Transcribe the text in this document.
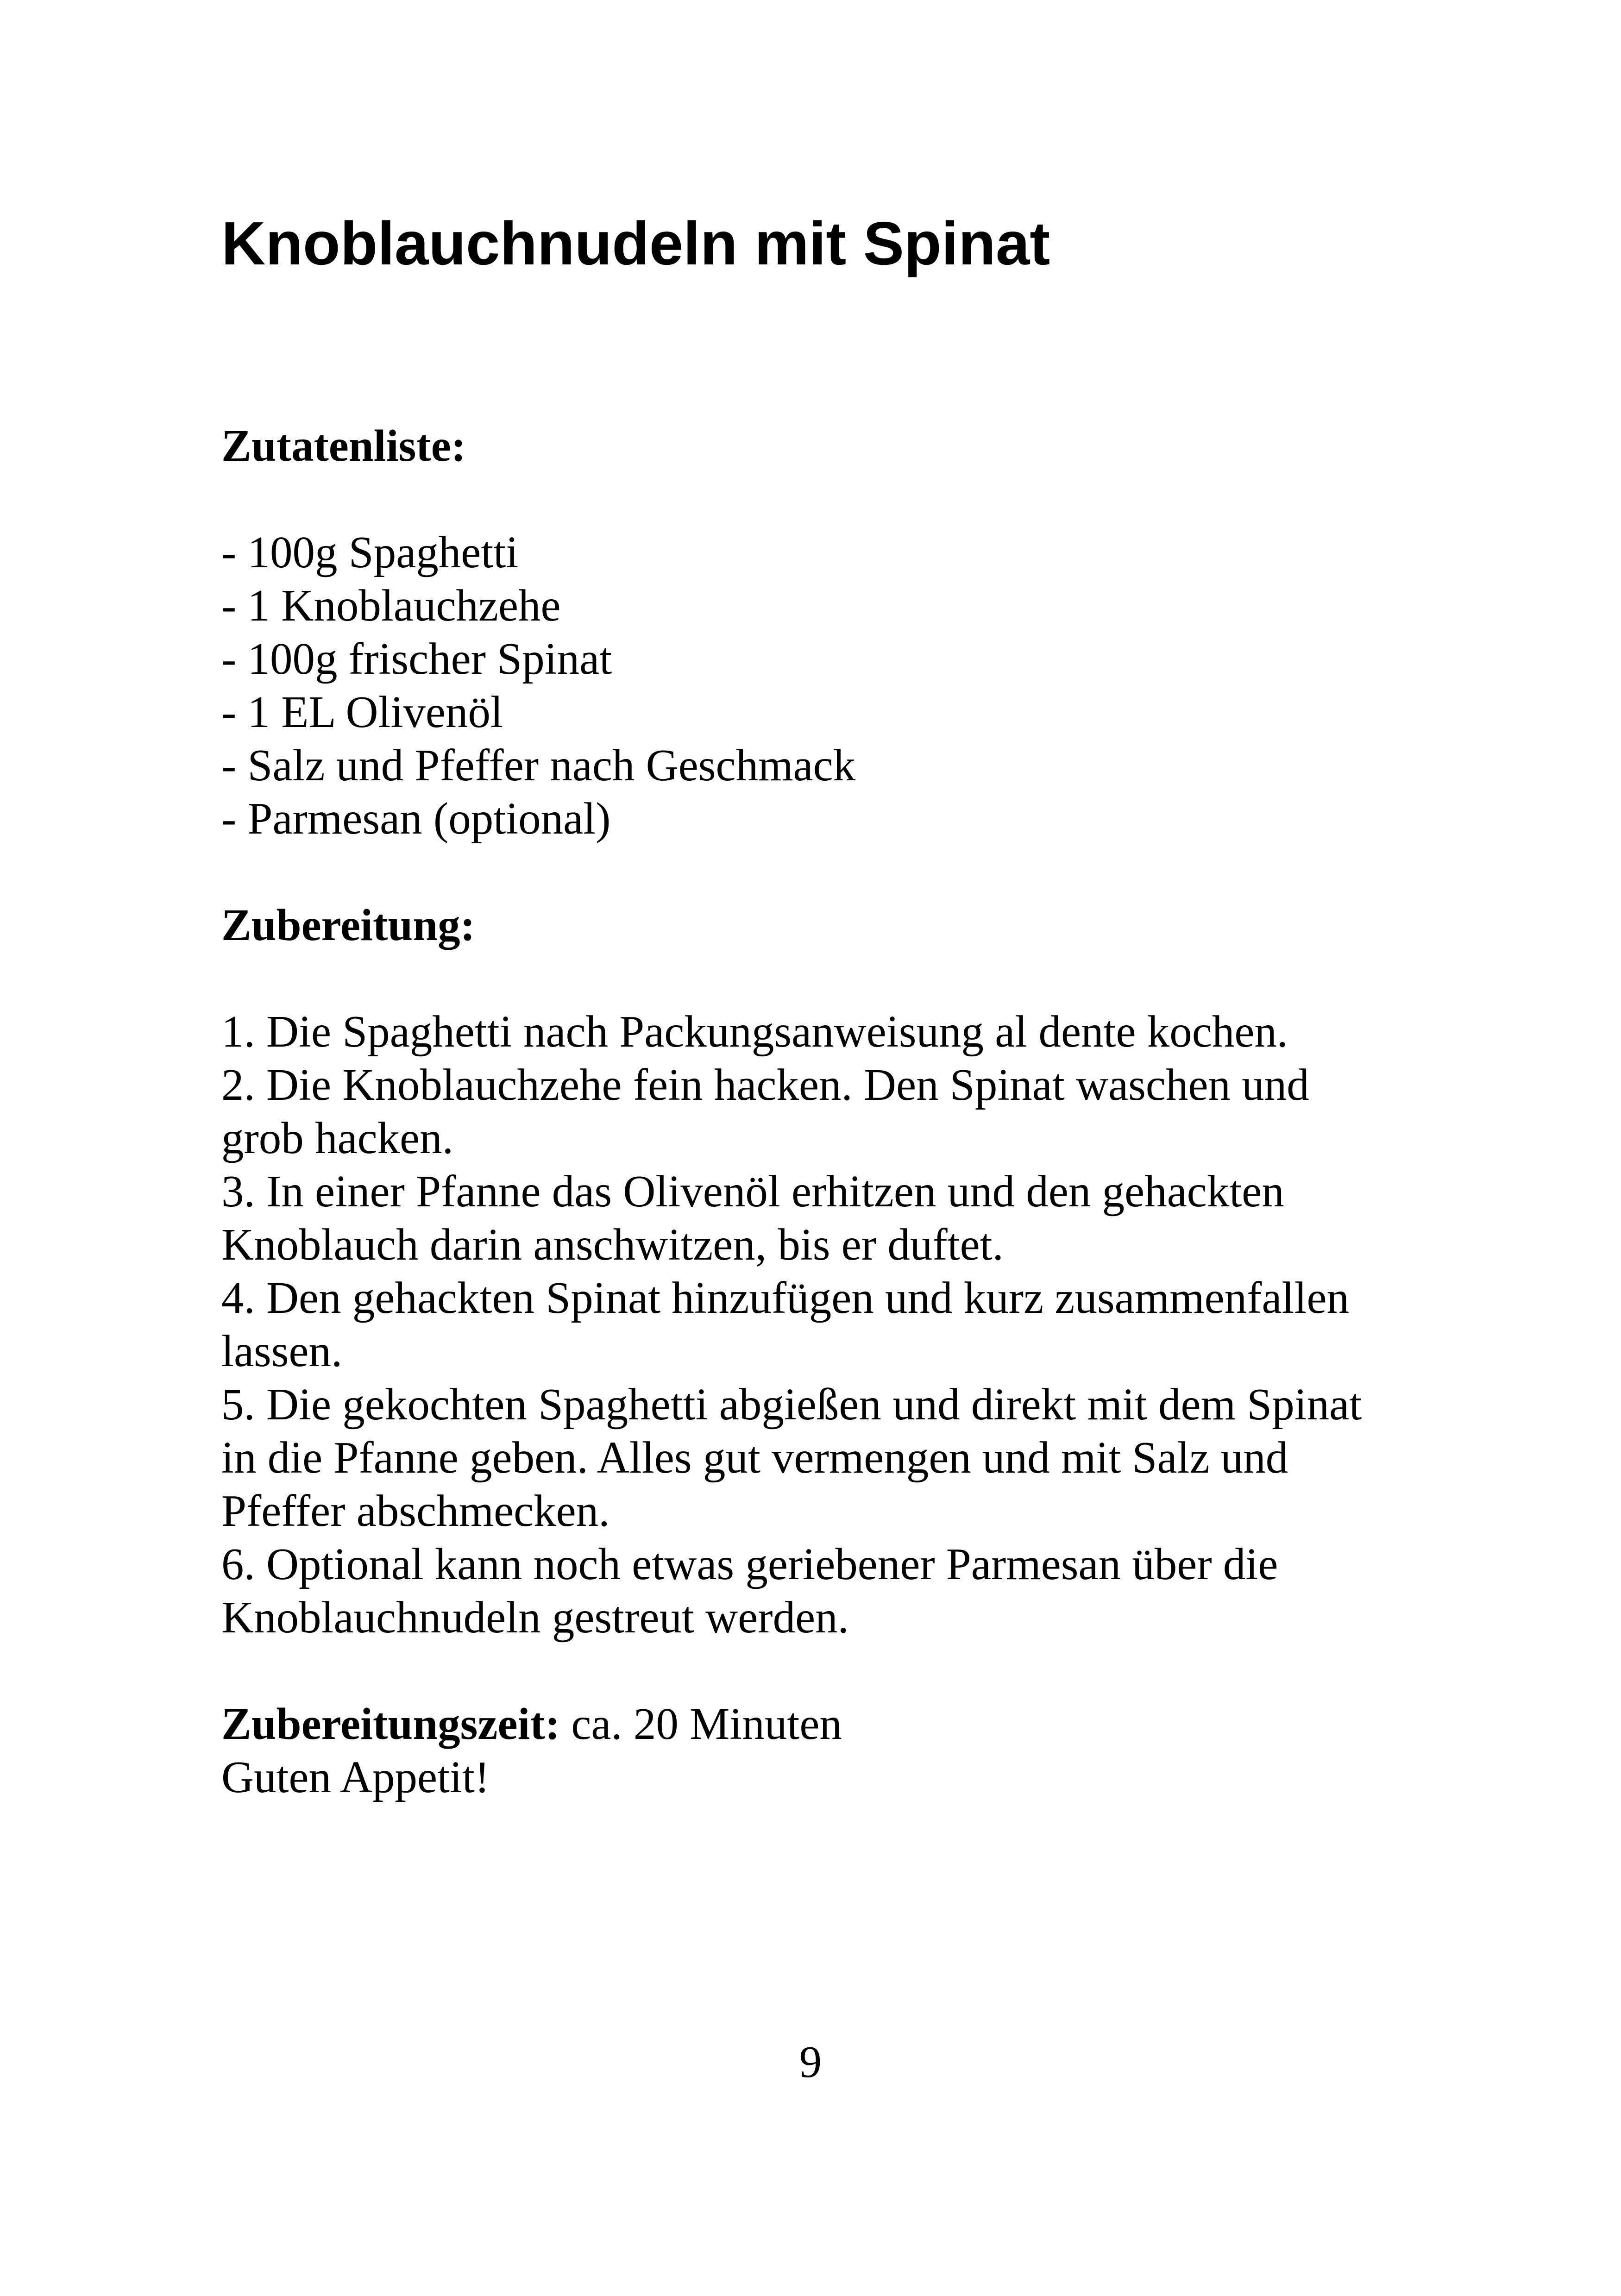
Knoblauchnudeln mit Spinat

Zutatenliste:

- 100g Spaghetti
- 1 Knoblauchzehe
- 100g frischer Spinat
- 1 EL Olivenöl
- Salz und Pfeffer nach Geschmack
- Parmesan (optional)

Zubereitung:

1. Die Spaghetti nach Packungsanweisung al dente kochen.
2. Die Knoblauchzehe fein hacken. Den Spinat waschen und
grob hacken.
3. In einer Pfanne das Olivenöl erhitzen und den gehackten
Knoblauch darin anschwitzen, bis er duftet.
4. Den gehackten Spinat hinzufügen und kurz zusammenfallen
lassen.
5. Die gekochten Spaghetti abgießen und direkt mit dem Spinat
in die Pfanne geben. Alles gut vermengen und mit Salz und
Pfeffer abschmecken.
6. Optional kann noch etwas geriebener Parmesan über die
Knoblauchnudeln gestreut werden.

Zubereitungszeit: ca. 20 Minuten

Guten Appetit!

9
